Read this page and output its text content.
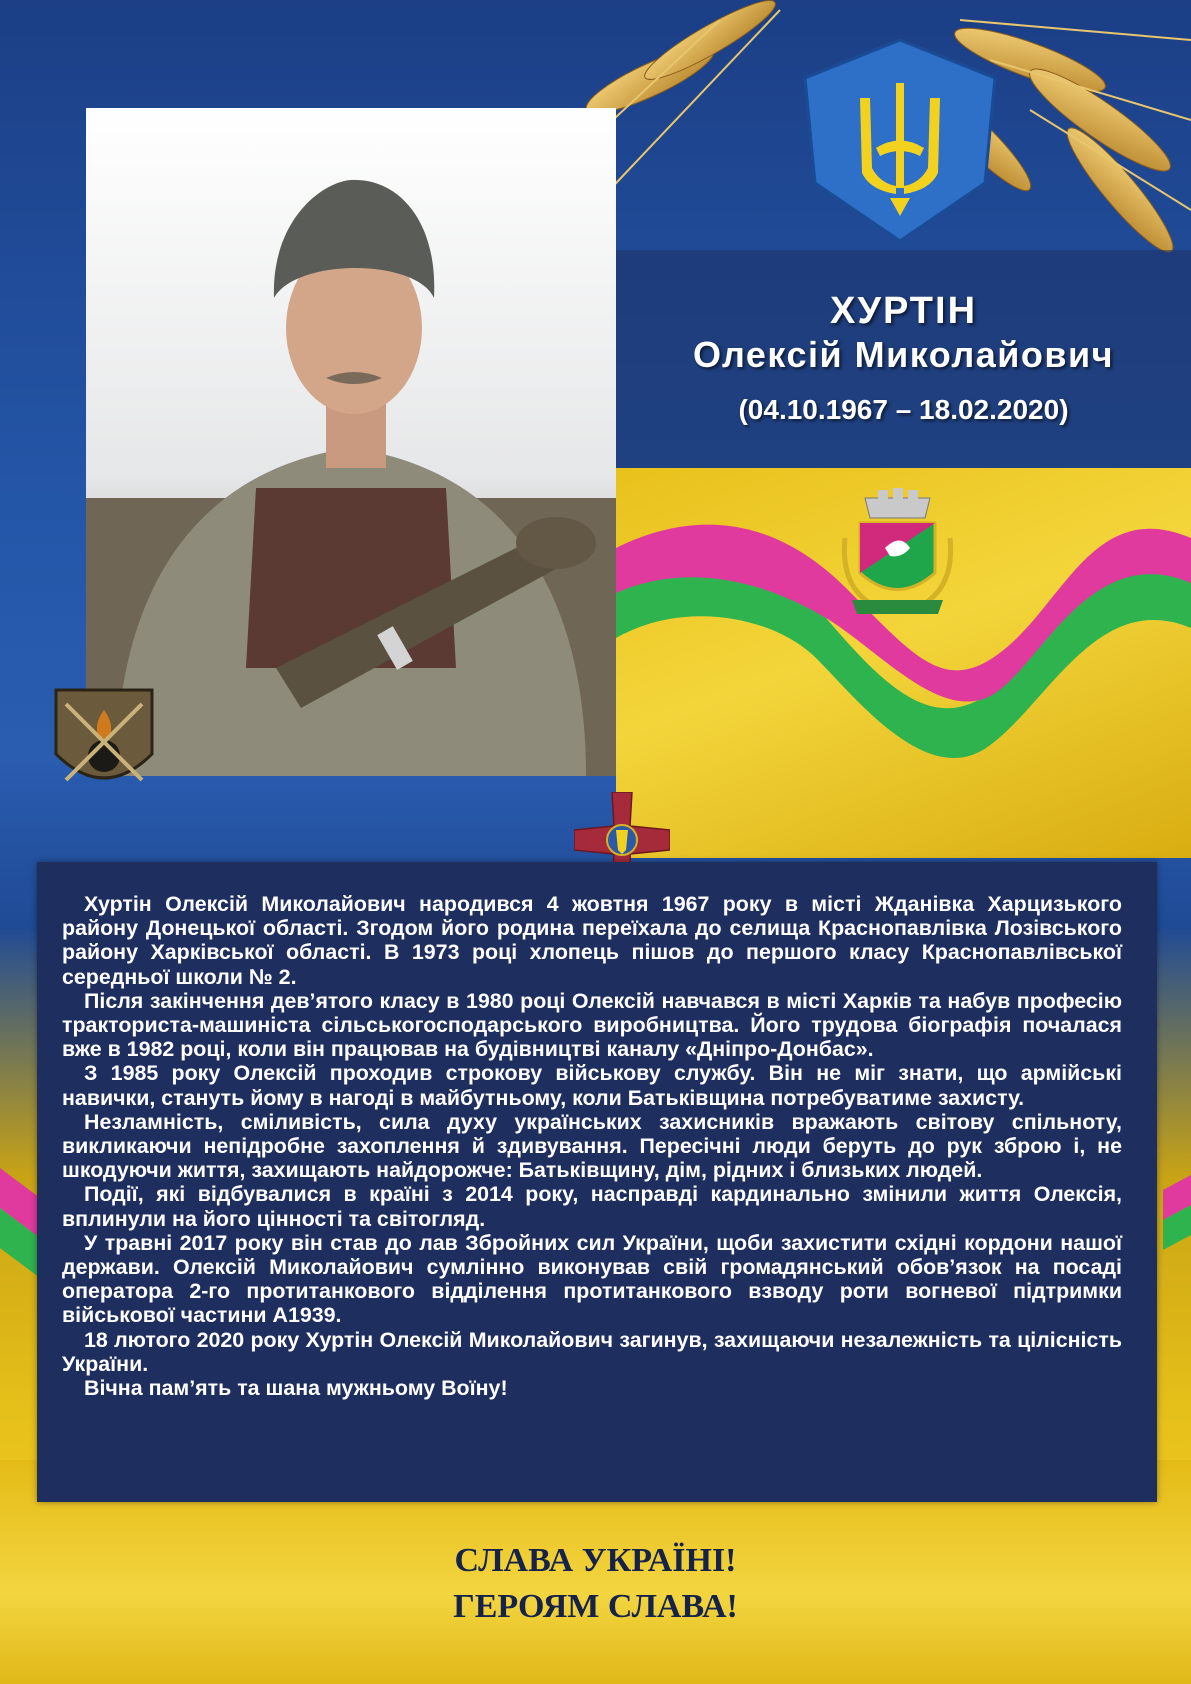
ХУРТІН
Олексій Миколайович
(04.10.1967 – 18.02.2020)

Хуртін Олексій Миколайович народився 4 жовтня 1967 року в місті Жданівка Харцизького району Донецької області. Згодом його родина переїхала до селища Краснопавлівка Лозівського району Харківської області. В 1973 році хлопець пішов до першого класу Краснопавлівської середньої школи № 2.

Після закінчення дев’ятого класу в 1980 році Олексій навчався в місті Харків та набув професію тракториста-машиніста сільськогосподарського виробництва. Його трудова біографія почалася вже в 1982 році, коли він працював на будівництві каналу «Дніпро-Донбас».

З 1985 року Олексій проходив строкову військову службу. Він не міг знати, що армійські навички, стануть йому в нагоді в майбутньому, коли Батьківщина потребуватиме захисту.

Незламність, сміливість, сила духу українських захисників вражають світову спільноту, викликаючи непідробне захоплення й здивування. Пересічні люди беруть до рук зброю і, не шкодуючи життя, захищають найдорожче: Батьківщину, дім, рідних і близьких людей.

Події, які відбувалися в країні з 2014 року, насправді кардинально змінили життя Олексія, вплинули на його цінності та світогляд.

У травні 2017 року він став до лав Збройних сил України, щоби захистити східні кордони нашої держави. Олексій Миколайович сумлінно виконував свій громадянський обов’язок на посаді оператора 2-го протитанкового відділення протитанкового взводу роти вогневої підтримки військової частини А1939.

18 лютого 2020 року Хуртін Олексій Миколайович загинув, захищаючи незалежність та цілісність України.

Вічна пам’ять та шана мужньому Воїну!

СЛАВА УКРАЇНІ!
ГЕРОЯМ СЛАВА!
